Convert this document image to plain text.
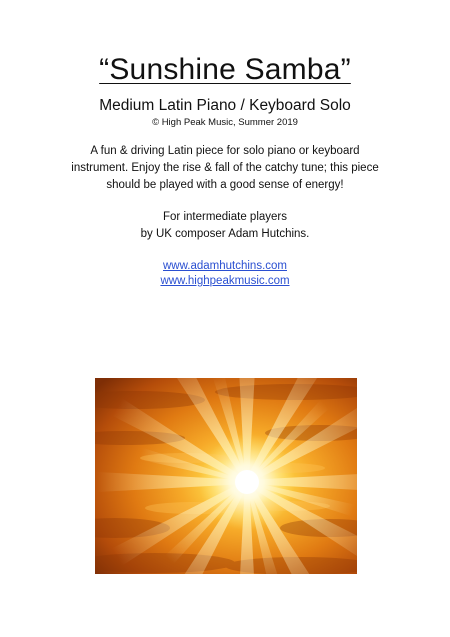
“Sunshine Samba”
Medium Latin Piano / Keyboard Solo
© High Peak Music, Summer 2019
A fun & driving Latin piece for solo piano or keyboard
instrument. Enjoy the rise & fall of the catchy tune; this piece
should be played with a good sense of energy!
For intermediate players
by UK composer Adam Hutchins.
www.adamhutchins.com
www.highpeakmusic.com
